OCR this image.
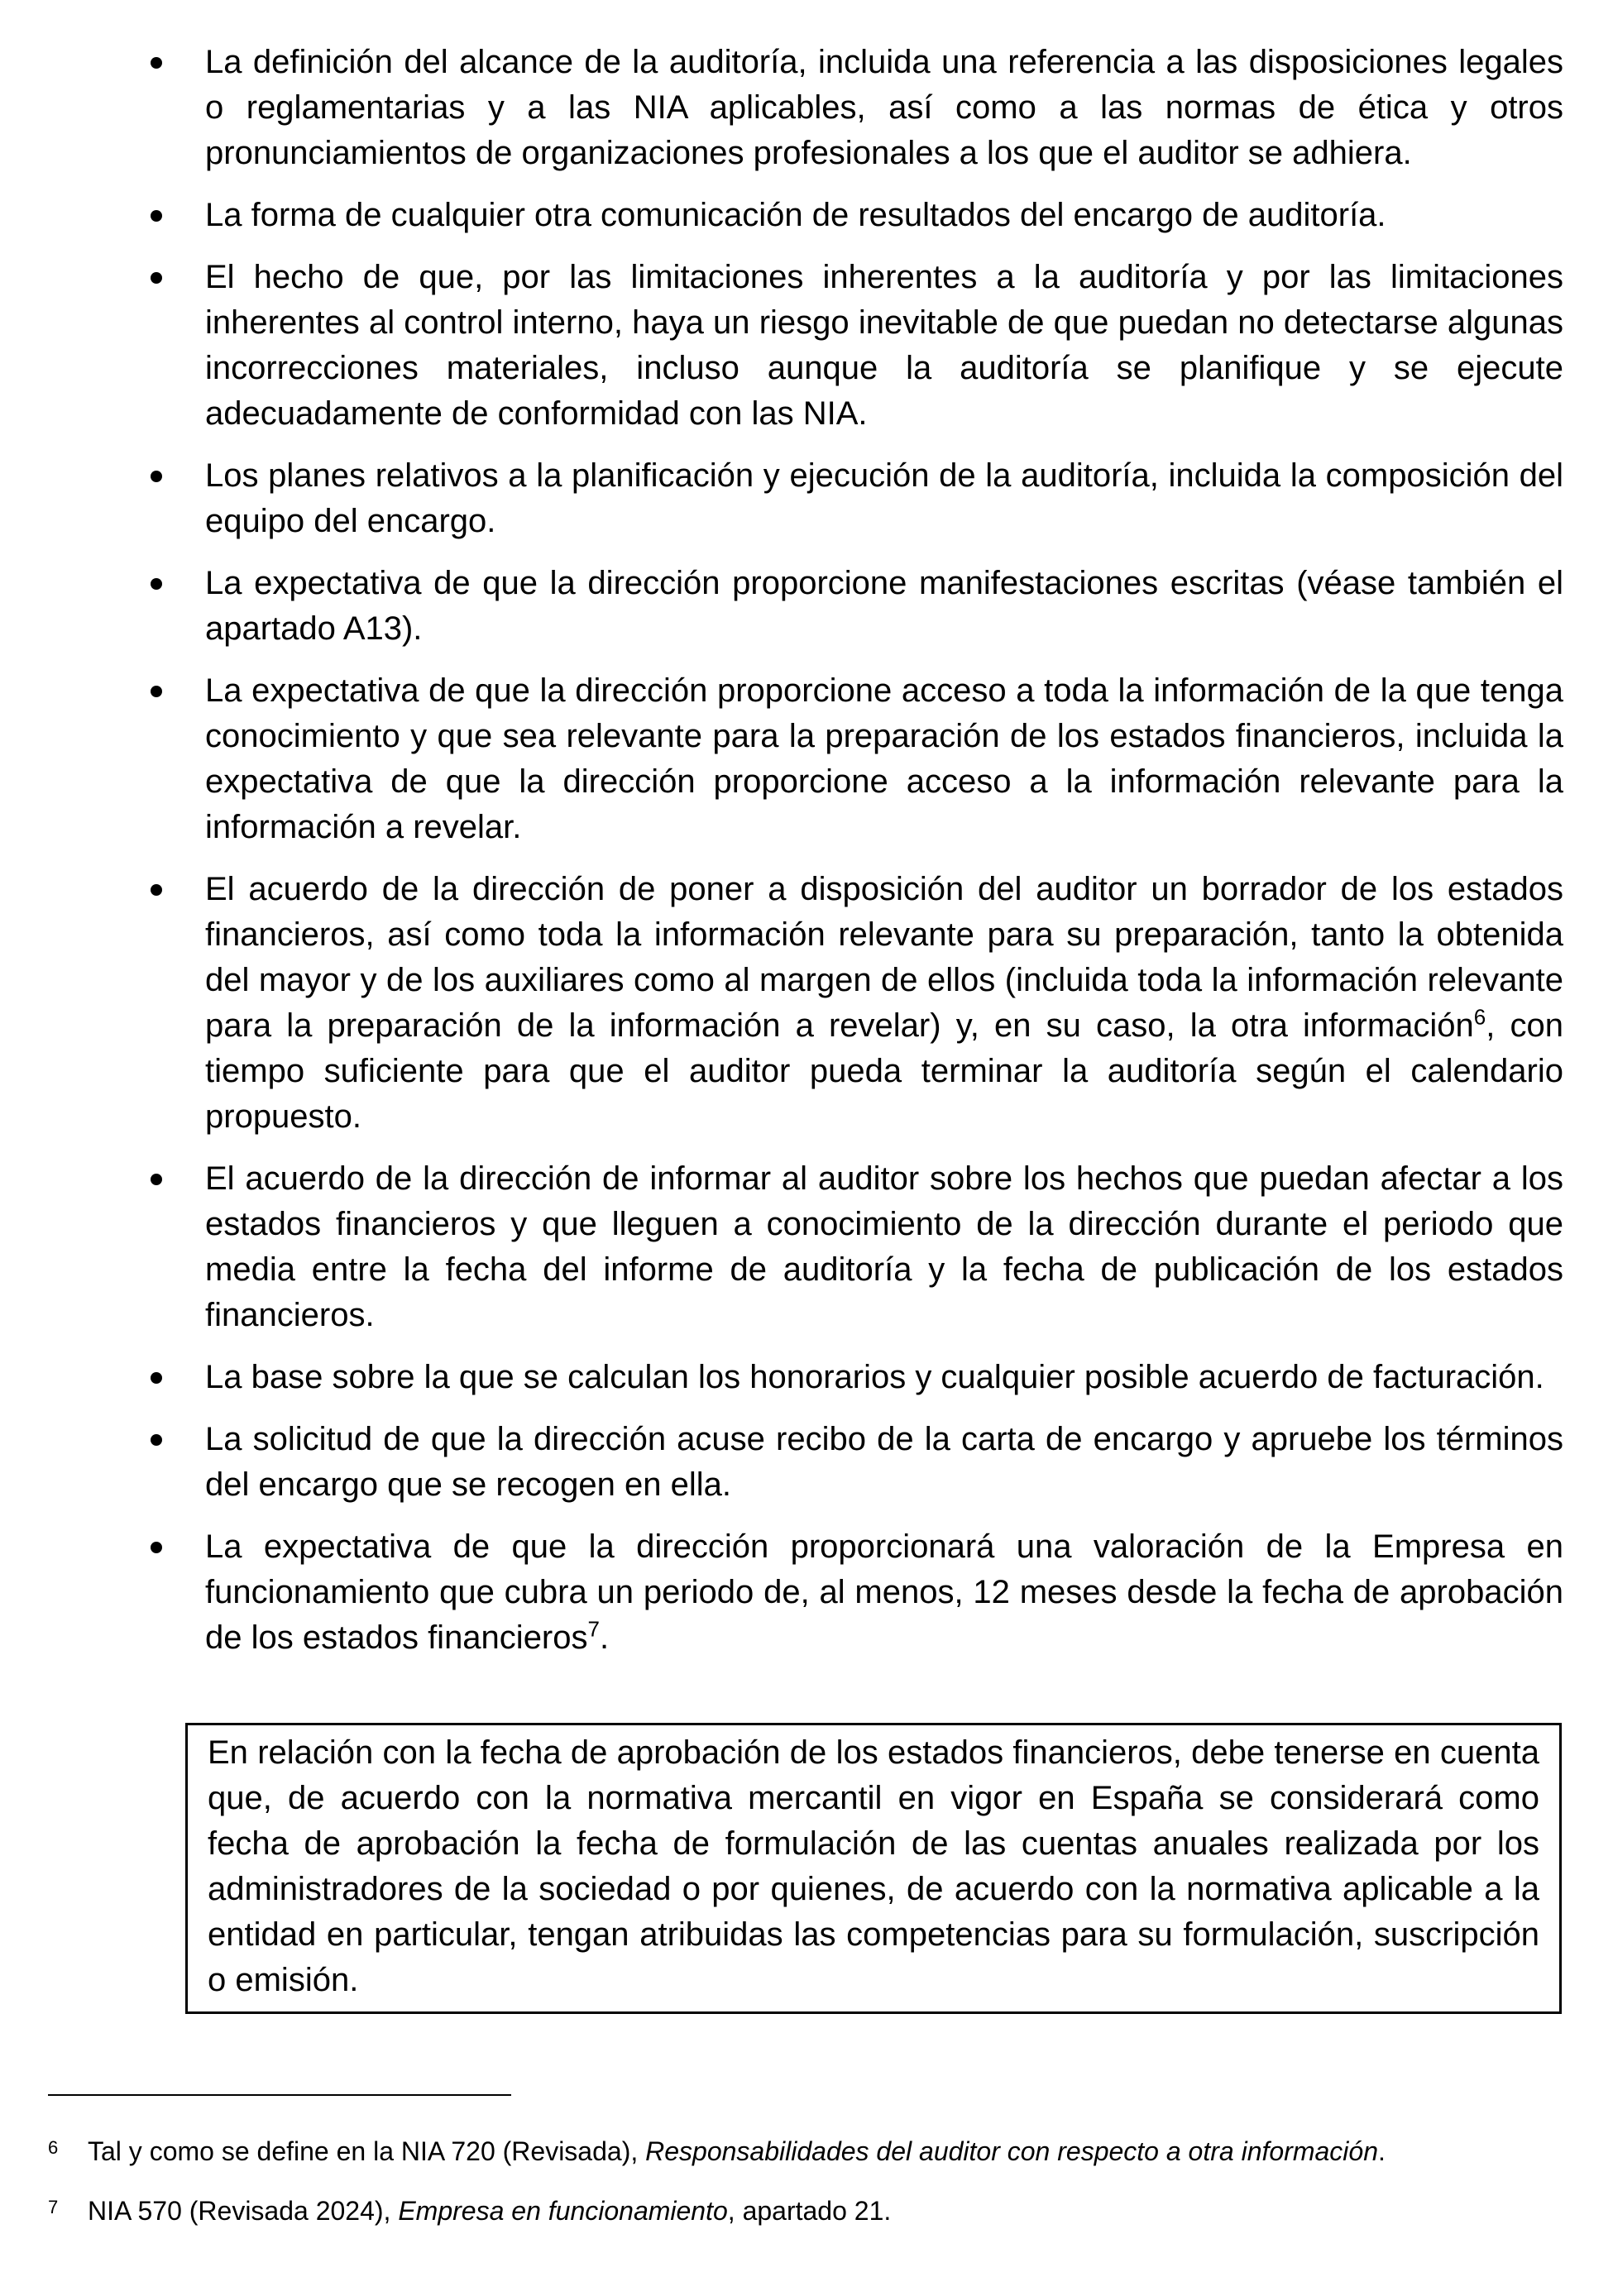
La definición del alcance de la auditoría, incluida una referencia a las disposiciones legales o reglamentarias y a las NIA aplicables, así como a las normas de ética y otros pronunciamientos de organizaciones profesionales a los que el auditor se adhiera.
La forma de cualquier otra comunicación de resultados del encargo de auditoría.
El hecho de que, por las limitaciones inherentes a la auditoría y por las limitaciones inherentes al control interno, haya un riesgo inevitable de que puedan no detectarse algunas incorrecciones materiales, incluso aunque la auditoría se planifique y se ejecute adecuadamente de conformidad con las NIA.
Los planes relativos a la planificación y ejecución de la auditoría, incluida la composición del equipo del encargo.
La expectativa de que la dirección proporcione manifestaciones escritas (véase también el apartado A13).
La expectativa de que la dirección proporcione acceso a toda la información de la que tenga conocimiento y que sea relevante para la preparación de los estados financieros, incluida la expectativa de que la dirección proporcione acceso a la información relevante para la información a revelar.
El acuerdo de la dirección de poner a disposición del auditor un borrador de los estados financieros, así como toda la información relevante para su preparación, tanto la obtenida del mayor y de los auxiliares como al margen de ellos (incluida toda la información relevante para la preparación de la información a revelar) y, en su caso, la otra información$^6$, con tiempo suficiente para que el auditor pueda terminar la auditoría según el calendario propuesto.
El acuerdo de la dirección de informar al auditor sobre los hechos que puedan afectar a los estados financieros y que lleguen a conocimiento de la dirección durante el periodo que media entre la fecha del informe de auditoría y la fecha de publicación de los estados financieros.
La base sobre la que se calculan los honorarios y cualquier posible acuerdo de facturación.
La solicitud de que la dirección acuse recibo de la carta de encargo y apruebe los términos del encargo que se recogen en ella.
La expectativa de que la dirección proporcionará una valoración de la Empresa en funcionamiento que cubra un periodo de, al menos, 12 meses desde la fecha de aprobación de los estados financieros$^7$.
En relación con la fecha de aprobación de los estados financieros, debe tenerse en cuenta que, de acuerdo con la normativa mercantil en vigor en España se considerará como fecha de aprobación la fecha de formulación de las cuentas anuales realizada por los administradores de la sociedad o por quienes, de acuerdo con la normativa aplicable a la entidad en particular, tengan atribuidas las competencias para su formulación, suscripción o emisión.
6 Tal y como se define en la NIA 720 (Revisada), Responsabilidades del auditor con respecto a otra información.
7 NIA 570 (Revisada 2024), Empresa en funcionamiento, apartado 21.
